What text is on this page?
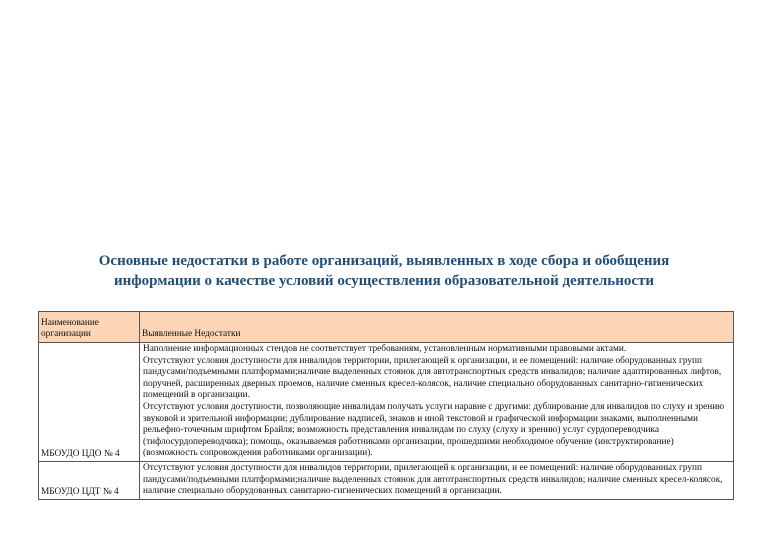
Основные недостатки в работе организаций, выявленных в ходе сбора и обобщения
информации о качестве условий осуществления образовательной деятельности
Наименование организации	Выявленные Недостатки
МБОУДО ЦДО № 4	Наполнение информационных стендов не соответствует требованиям, установленным нормативными правовыми актами.
Отсутствуют условия доступности для инвалидов территории, прилегающей к организации, и ее помещений: наличие оборудованных групп пандусами/подъемными платформами;наличие выделенных стоянок для автотранспортных средств инвалидов; наличие адаптированных лифтов, поручней, расширенных дверных проемов, наличие сменных кресел-колясок, наличие специально оборудованных санитарно-гигиенических помещений в организации.
Отсутствуют условия доступности, позволяющие инвалидам получать услуги наравне с другими: дублирование для инвалидов по слуху и зрению звуковой и зрительной информации; дублирование надписей, знаков и иной текстовой и графической информации знаками, выполненными рельефно-точечным шрифтом Брайля; возможность представления инвалидам по слуху (слуху и зрению) услуг сурдопереводчика (тифлосурдопереводчика); помощь, оказываемая работниками организации, прошедшими необходимое обучение (инструктирование) (возможность сопровождения работниками организации).

МБОУДО ЦДТ № 4	Отсутствуют условия доступности для инвалидов территории, прилегающей к организации, и ее помещений: наличие оборудованных групп пандусами/подъемными платформами;наличие выделенных стоянок для автотранспортных средств инвалидов; наличие сменных кресел-колясок, наличие специально оборудованных санитарно-гигиенических помещений в организации.
